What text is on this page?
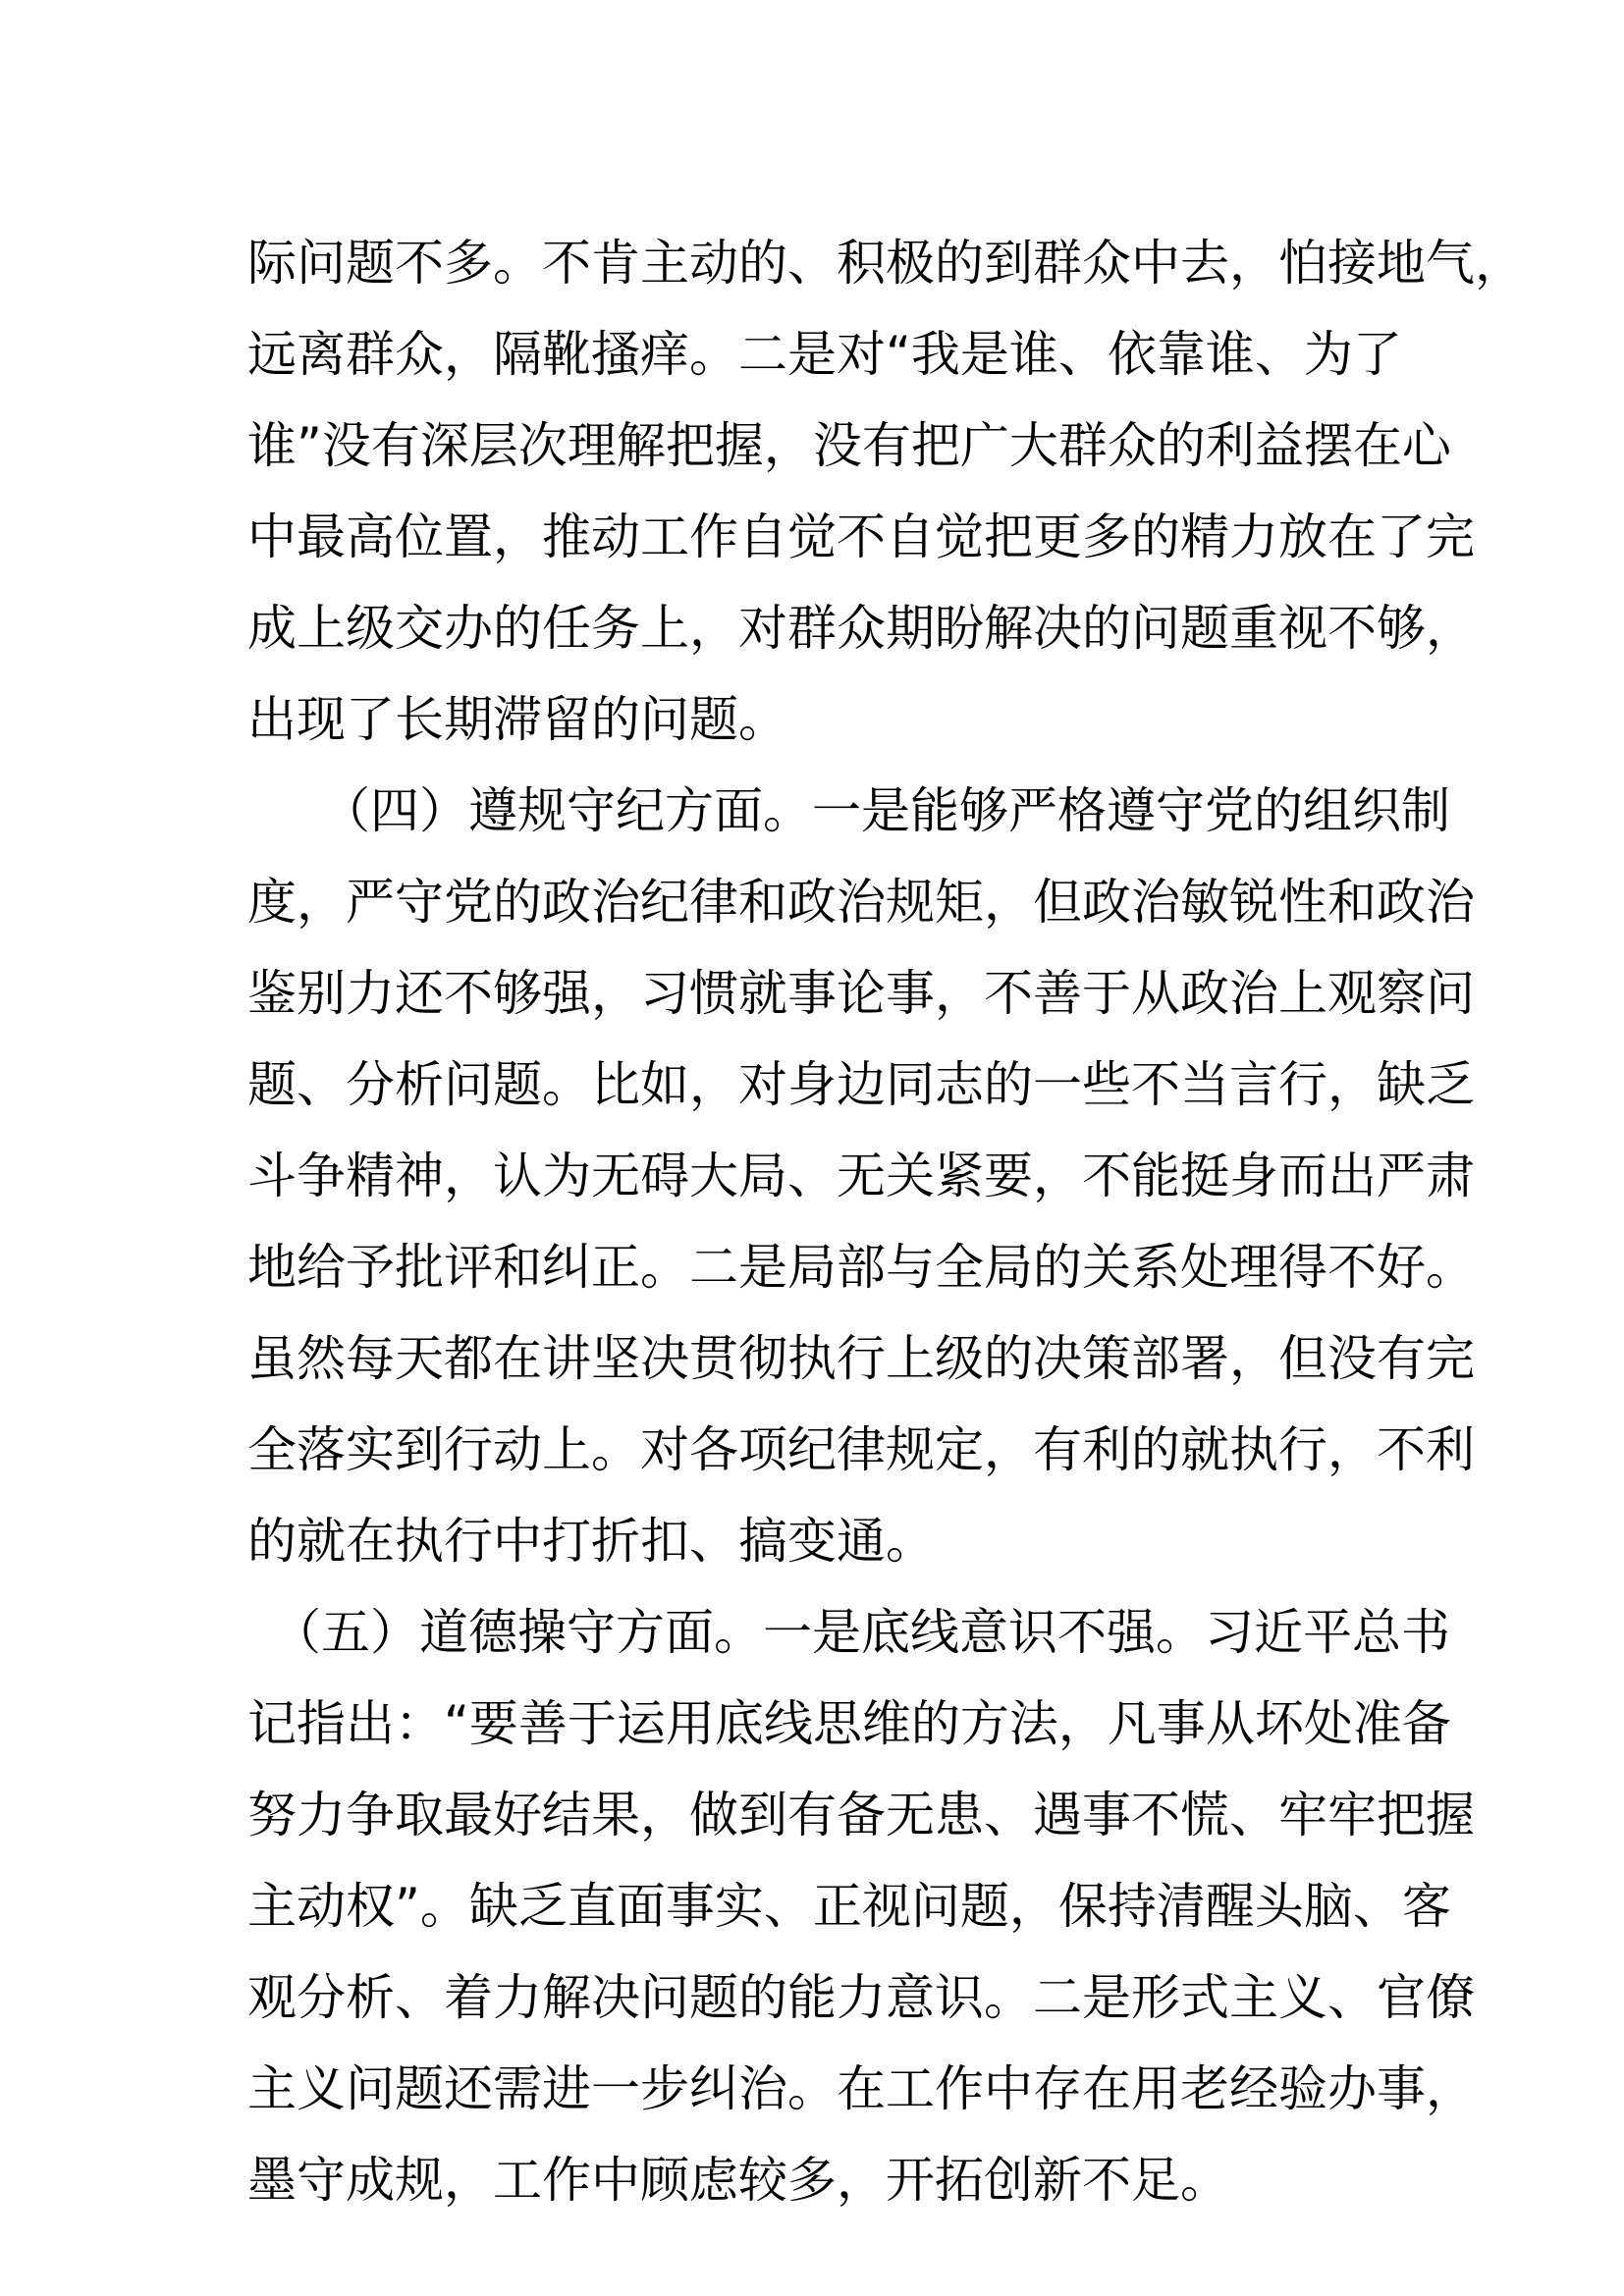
际问题不多。不肯主动的、积极的到群众中去，怕接地气，
远离群众，隔靴搔痒。二是对“我是谁、依靠谁、为了
谁”没有深层次理解把握，没有把广大群众的利益摆在心
中最高位置，推动工作自觉不自觉把更多的精力放在了完
成上级交办的任务上，对群众期盼解决的问题重视不够，
出现了长期滞留的问题。
　　（四）遵规守纪方面。一是能够严格遵守党的组织制
度，严守党的政治纪律和政治规矩，但政治敏锐性和政治
鉴别力还不够强，习惯就事论事，不善于从政治上观察问
题、分析问题。比如，对身边同志的一些不当言行，缺乏
斗争精神，认为无碍大局、无关紧要，不能挺身而出严肃
地给予批评和纠正。二是局部与全局的关系处理得不好。
虽然每天都在讲坚决贯彻执行上级的决策部署，但没有完
全落实到行动上。对各项纪律规定，有利的就执行，不利
的就在执行中打折扣、搞变通。
　（五）道德操守方面。一是底线意识不强。习近平总书
记指出：“要善于运用底线思维的方法，凡事从坏处准备
努力争取最好结果，做到有备无患、遇事不慌、牢牢把握
主动权”。缺乏直面事实、正视问题，保持清醒头脑、客
观分析、着力解决问题的能力意识。二是形式主义、官僚
主义问题还需进一步纠治。在工作中存在用老经验办事，
墨守成规，工作中顾虑较多，开拓创新不足。
